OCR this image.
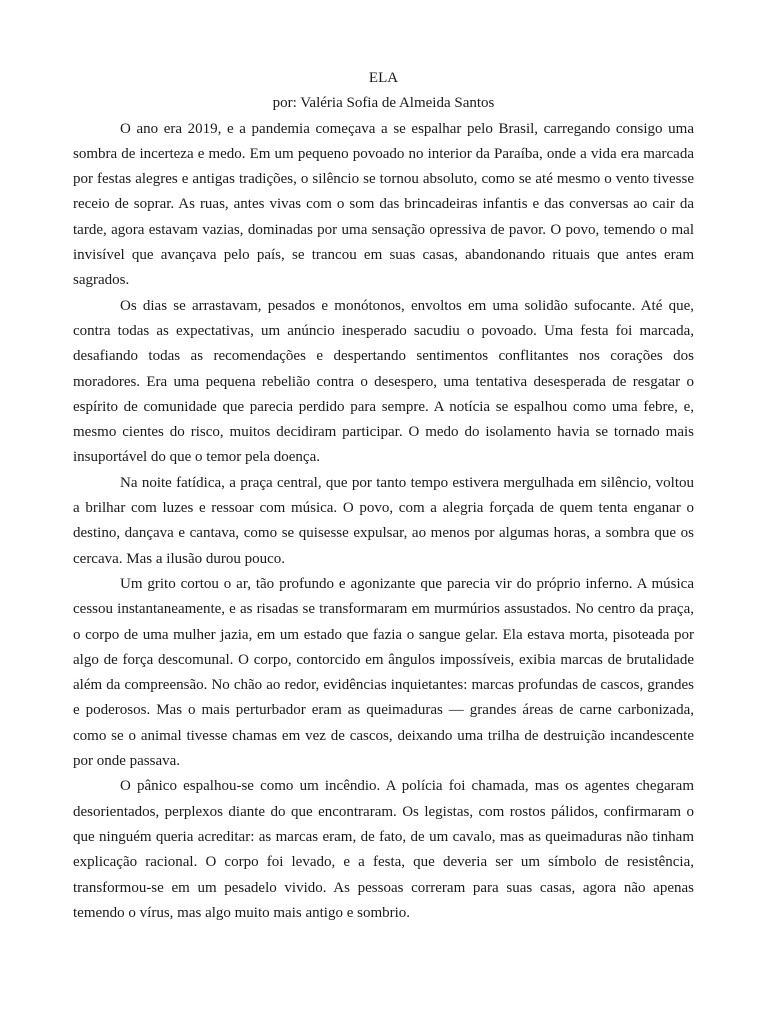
ELA

por: Valéria Sofia de Almeida Santos

O ano era 2019, e a pandemia começava a se espalhar pelo Brasil, carregando consigo uma sombra de incerteza e medo. Em um pequeno povoado no interior da Paraíba, onde a vida era marcada por festas alegres e antigas tradições, o silêncio se tornou absoluto, como se até mesmo o vento tivesse receio de soprar. As ruas, antes vivas com o som das brincadeiras infantis e das conversas ao cair da tarde, agora estavam vazias, dominadas por uma sensação opressiva de pavor. O povo, temendo o mal invisível que avançava pelo país, se trancou em suas casas, abandonando rituais que antes eram sagrados.

Os dias se arrastavam, pesados e monótonos, envoltos em uma solidão sufocante. Até que, contra todas as expectativas, um anúncio inesperado sacudiu o povoado. Uma festa foi marcada, desafiando todas as recomendações e despertando sentimentos conflitantes nos corações dos moradores. Era uma pequena rebelião contra o desespero, uma tentativa desesperada de resgatar o espírito de comunidade que parecia perdido para sempre. A notícia se espalhou como uma febre, e, mesmo cientes do risco, muitos decidiram participar. O medo do isolamento havia se tornado mais insuportável do que o temor pela doença.

Na noite fatídica, a praça central, que por tanto tempo estivera mergulhada em silêncio, voltou a brilhar com luzes e ressoar com música. O povo, com a alegria forçada de quem tenta enganar o destino, dançava e cantava, como se quisesse expulsar, ao menos por algumas horas, a sombra que os cercava. Mas a ilusão durou pouco.

Um grito cortou o ar, tão profundo e agonizante que parecia vir do próprio inferno. A música cessou instantaneamente, e as risadas se transformaram em murmúrios assustados. No centro da praça, o corpo de uma mulher jazia, em um estado que fazia o sangue gelar. Ela estava morta, pisoteada por algo de força descomunal. O corpo, contorcido em ângulos impossíveis, exibia marcas de brutalidade além da compreensão. No chão ao redor, evidências inquietantes: marcas profundas de cascos, grandes e poderosos. Mas o mais perturbador eram as queimaduras — grandes áreas de carne carbonizada, como se o animal tivesse chamas em vez de cascos, deixando uma trilha de destruição incandescente por onde passava.

O pânico espalhou-se como um incêndio. A polícia foi chamada, mas os agentes chegaram desorientados, perplexos diante do que encontraram. Os legistas, com rostos pálidos, confirmaram o que ninguém queria acreditar: as marcas eram, de fato, de um cavalo, mas as queimaduras não tinham explicação racional. O corpo foi levado, e a festa, que deveria ser um símbolo de resistência, transformou-se em um pesadelo vivido. As pessoas correram para suas casas, agora não apenas temendo o vírus, mas algo muito mais antigo e sombrio.
